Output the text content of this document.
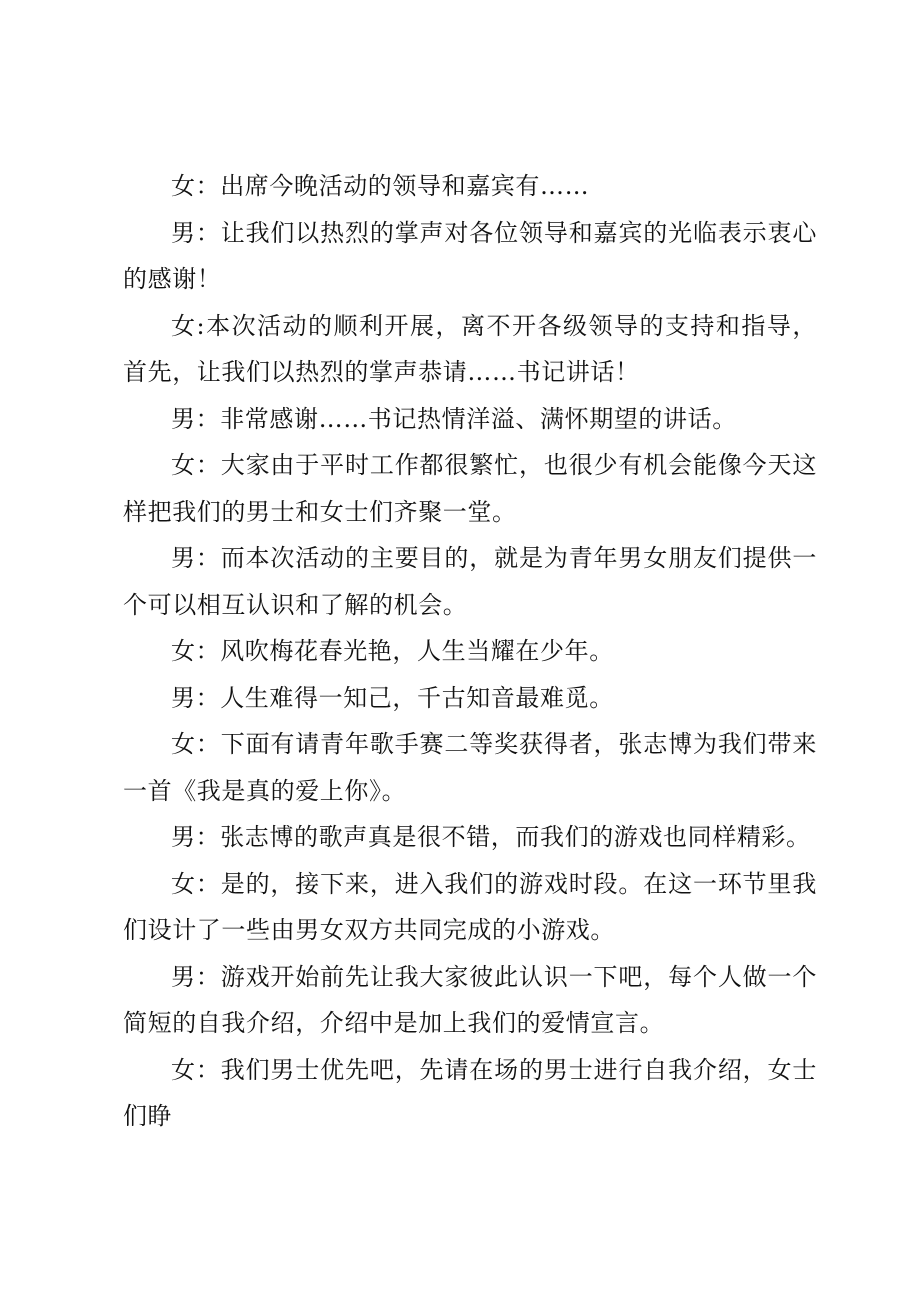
女：出席今晚活动的领导和嘉宾有……

男：让我们以热烈的掌声对各位领导和嘉宾的光临表示衷心的感谢！

女:本次活动的顺利开展，离不开各级领导的支持和指导，首先，让我们以热烈的掌声恭请……书记讲话！

男：非常感谢……书记热情洋溢、满怀期望的讲话。

女：大家由于平时工作都很繁忙，也很少有机会能像今天这样把我们的男士和女士们齐聚一堂。

男：而本次活动的主要目的，就是为青年男女朋友们提供一个可以相互认识和了解的机会。

女：风吹梅花春光艳，人生当耀在少年。

男：人生难得一知己，千古知音最难觅。

女：下面有请青年歌手赛二等奖获得者，张志博为我们带来一首《我是真的爱上你》。

男：张志博的歌声真是很不错，而我们的游戏也同样精彩。

女：是的，接下来，进入我们的游戏时段。在这一环节里我们设计了一些由男女双方共同完成的小游戏。

男：游戏开始前先让我大家彼此认识一下吧，每个人做一个简短的自我介绍，介绍中是加上我们的爱情宣言。

女：我们男士优先吧，先请在场的男士进行自我介绍，女士们睁
